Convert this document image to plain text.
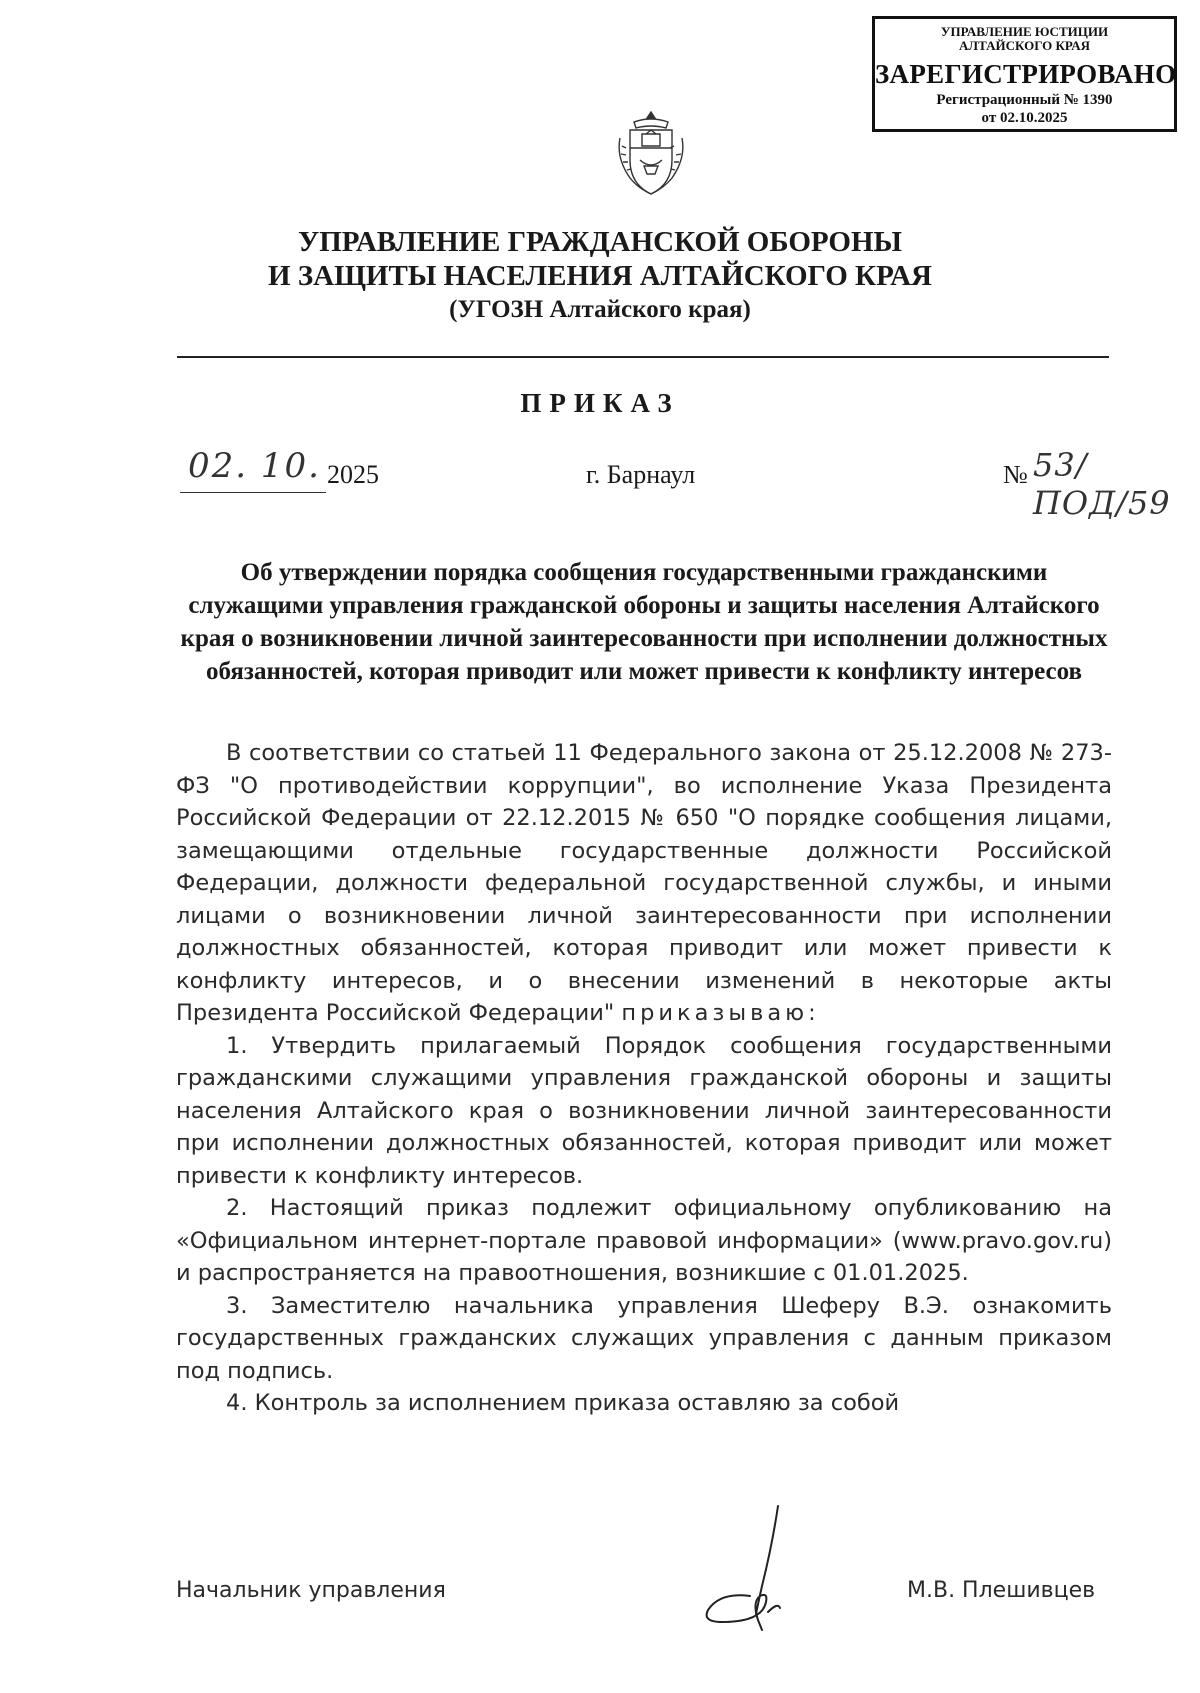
УПРАВЛЕНИЕ ЮСТИЦИИ
АЛТАЙСКОГО КРАЯ
ЗАРЕГИСТРИРОВАНО
Регистрационный № 1390
от 02.10.2025
УПРАВЛЕНИЕ ГРАЖДАНСКОЙ ОБОРОНЫ
И ЗАЩИТЫ НАСЕЛЕНИЯ АЛТАЙСКОГО КРАЯ
(УГОЗН Алтайского края)
ПРИКАЗ
02. 10. 2025	г. Барнаул	№ 53/ПОД/59
Об утверждении порядка сообщения государственными гражданскими служащими управления гражданской обороны и защиты населения Алтайского края о возникновении личной заинтересованности при исполнении должностных обязанностей, которая приводит или может привести к конфликту интересов

В соответствии со статьей 11 Федерального закона от 25.12.2008 № 273-ФЗ "О противодействии коррупции", во исполнение Указа Президента Российской Федерации от 22.12.2015 № 650 "О порядке сообщения лицами, замещающими отдельные государственные должности Российской Федерации, должности федеральной государственной службы, и иными лицами о возникновении личной заинтересованности при исполнении должностных обязанностей, которая приводит или может привести к конфликту интересов, и о внесении изменений в некоторые акты Президента Российской Федерации" приказываю:

1. Утвердить прилагаемый Порядок сообщения государственными гражданскими служащими управления гражданской обороны и защиты населения Алтайского края о возникновении личной заинтересованности при исполнении должностных обязанностей, которая приводит или может привести к конфликту интересов.

2. Настоящий приказ подлежит официальному опубликованию на «Официальном интернет-портале правовой информации» (www.pravo.gov.ru) и распространяется на правоотношения, возникшие с 01.01.2025.

3. Заместителю начальника управления Шеферу В.Э. ознакомить государственных гражданских служащих управления с данным приказом под подпись.

4. Контроль за исполнением приказа оставляю за собой

Начальник управления	М.В. Плешивцев
